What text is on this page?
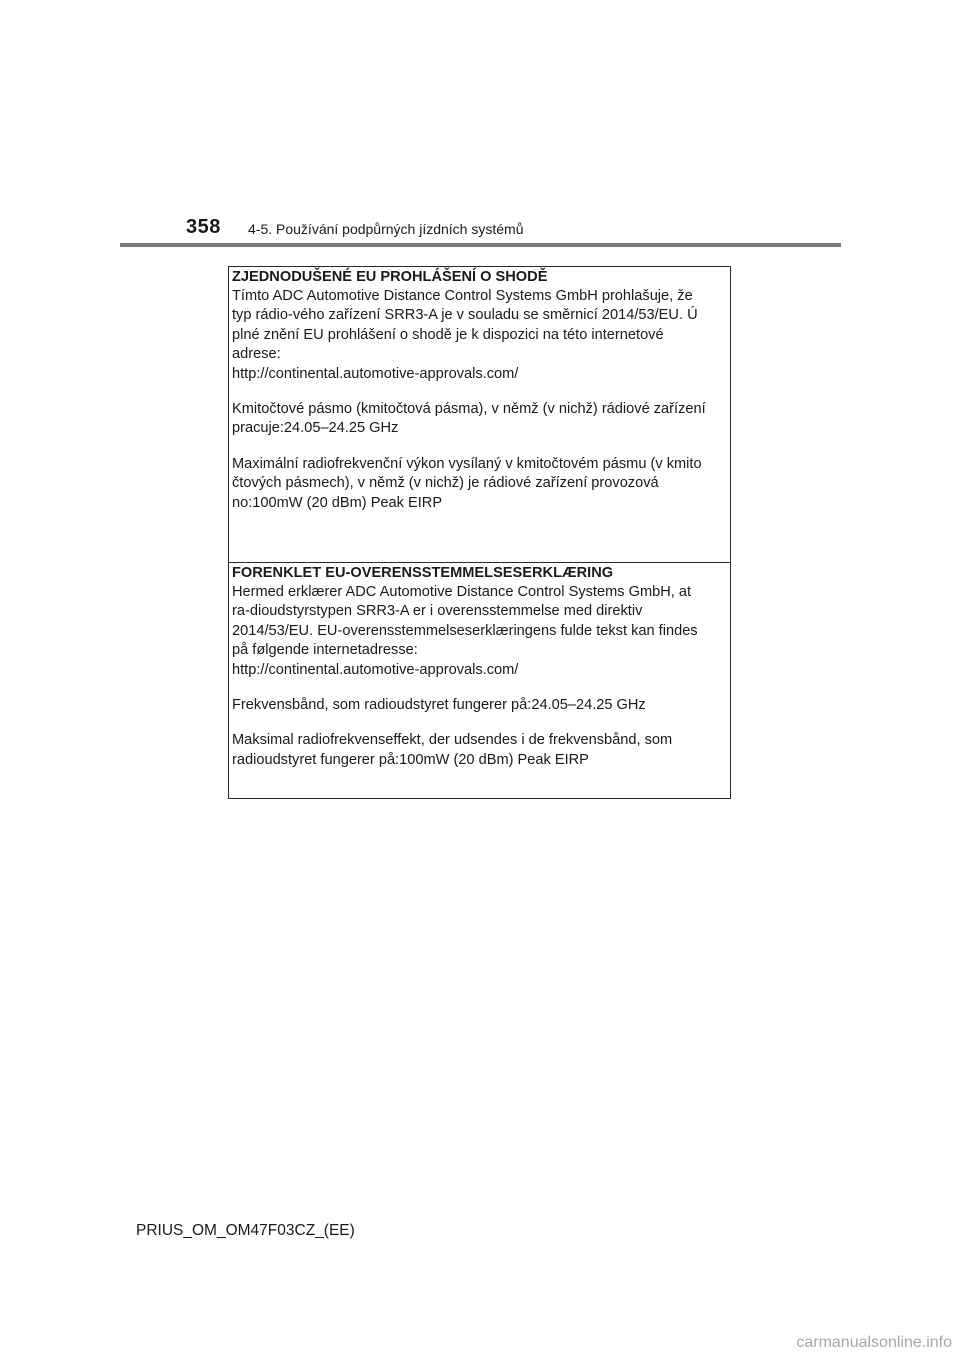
358 4-5. Používání podpůrných jízdních systémů
ZJEDNODUŠENÉ EU PROHLÁŠENÍ O SHODĚ
Tímto ADC Automotive Distance Control Systems GmbH prohlašuje, že
typ rádio-vého zařízení SRR3-A je v souladu se směrnicí 2014/53/EU. Ú
plné znění EU prohlášení o shodě je k dispozici na této internetové
adrese:
http://continental.automotive-approvals.com/
Kmitočtové pásmo (kmitočtová pásma), v němž (v nichž) rádiové zařízení
pracuje:24.05–24.25 GHz
Maximální radiofrekvenční výkon vysílaný v kmitočtovém pásmu (v kmito
čtových pásmech), v němž (v nichž) je rádiové zařízení provozová
no:100mW (20 dBm) Peak EIRP
FORENKLET EU-OVERENSSTEMMELSESERKLÆRING
Hermed erklærer ADC Automotive Distance Control Systems GmbH, at
ra-dioudstyrstypen SRR3-A er i overensstemmelse med direktiv
2014/53/EU. EU-overensstemmelseserklæringens fulde tekst kan findes
på følgende internetadresse:
http://continental.automotive-approvals.com/
Frekvensbånd, som radioudstyret fungerer på:24.05–24.25 GHz
Maksimal radiofrekvenseffekt, der udsendes i de frekvensbånd, som
radioudstyret fungerer på:100mW (20 dBm) Peak EIRP
PRIUS_OM_OM47F03CZ_(EE)
carmanualsonline.info
